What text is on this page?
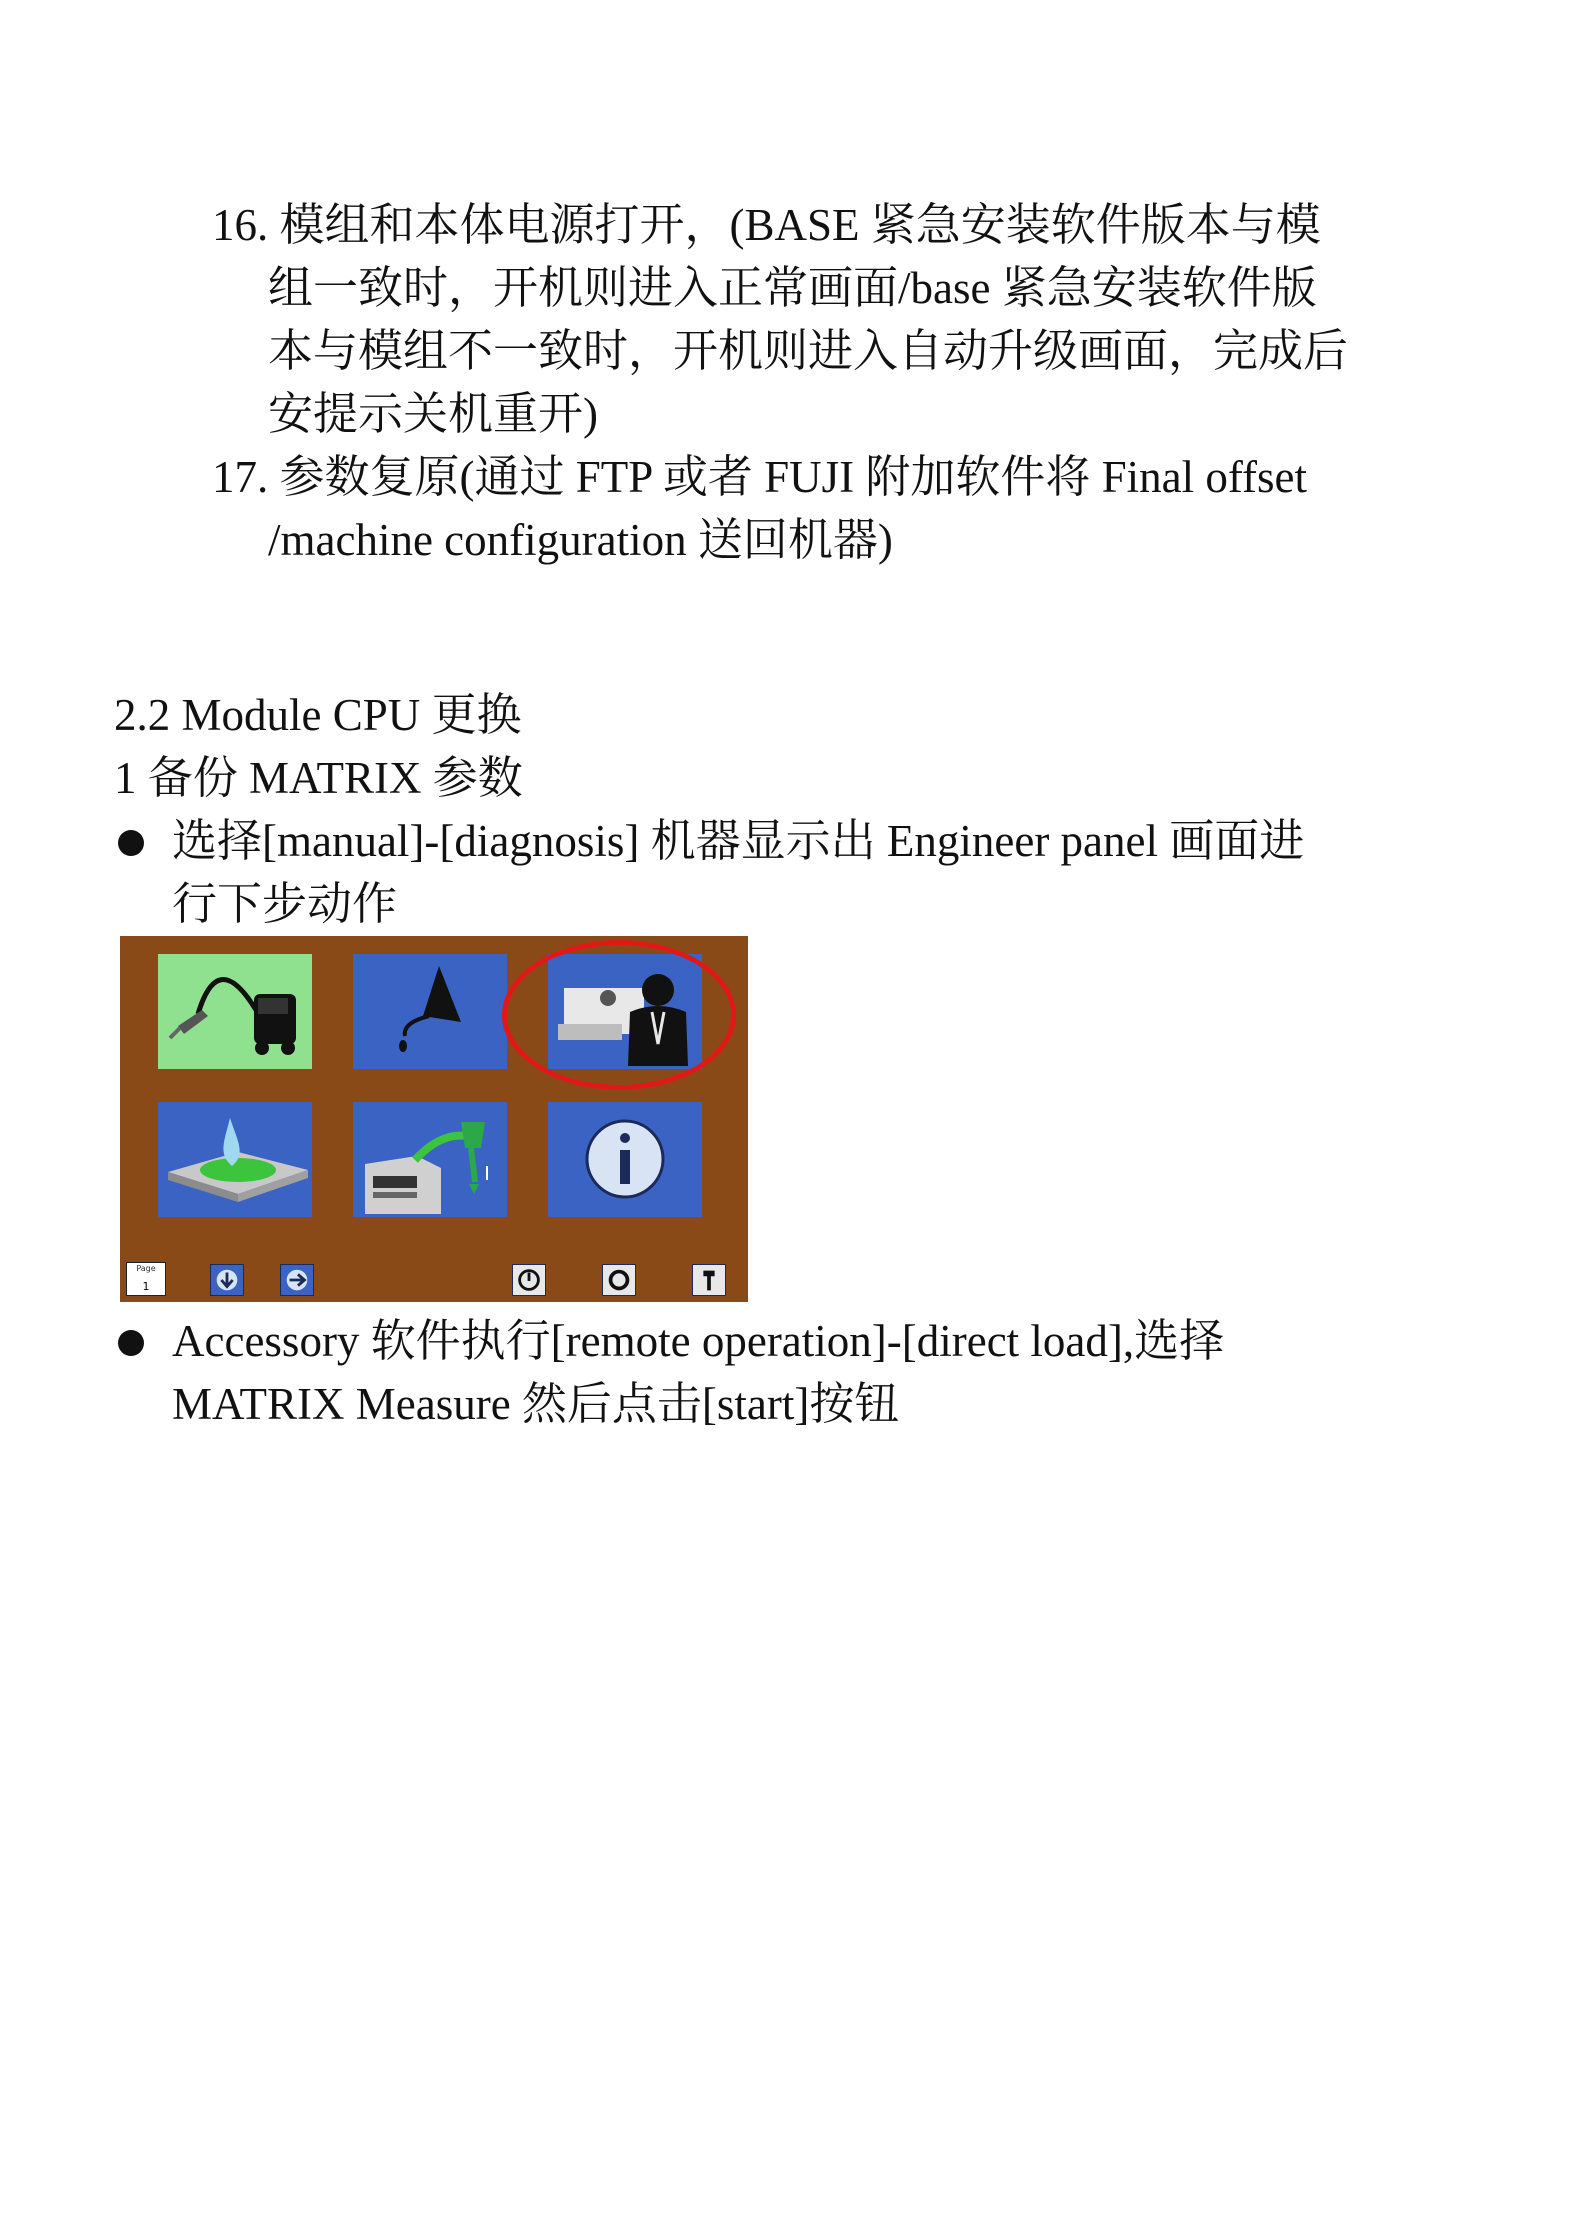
16. 模组和本体电源打开，(BASE 紧急安装软件版本与模
组一致时，开机则进入正常画面/base 紧急安装软件版
本与模组不一致时，开机则进入自动升级画面，完成后
安提示关机重开)
17. 参数复原(通过 FTP 或者 FUJI 附加软件将 Final offset
/machine configuration 送回机器)
2.2 Module CPU 更换
1 备份 MATRIX 参数
选择[manual]-[diagnosis] 机器显示出 Engineer panel 画面进
行下步动作
Page
1
Accessory 软件执行[remote operation]-[direct load],选择
MATRIX Measure 然后点击[start]按钮
